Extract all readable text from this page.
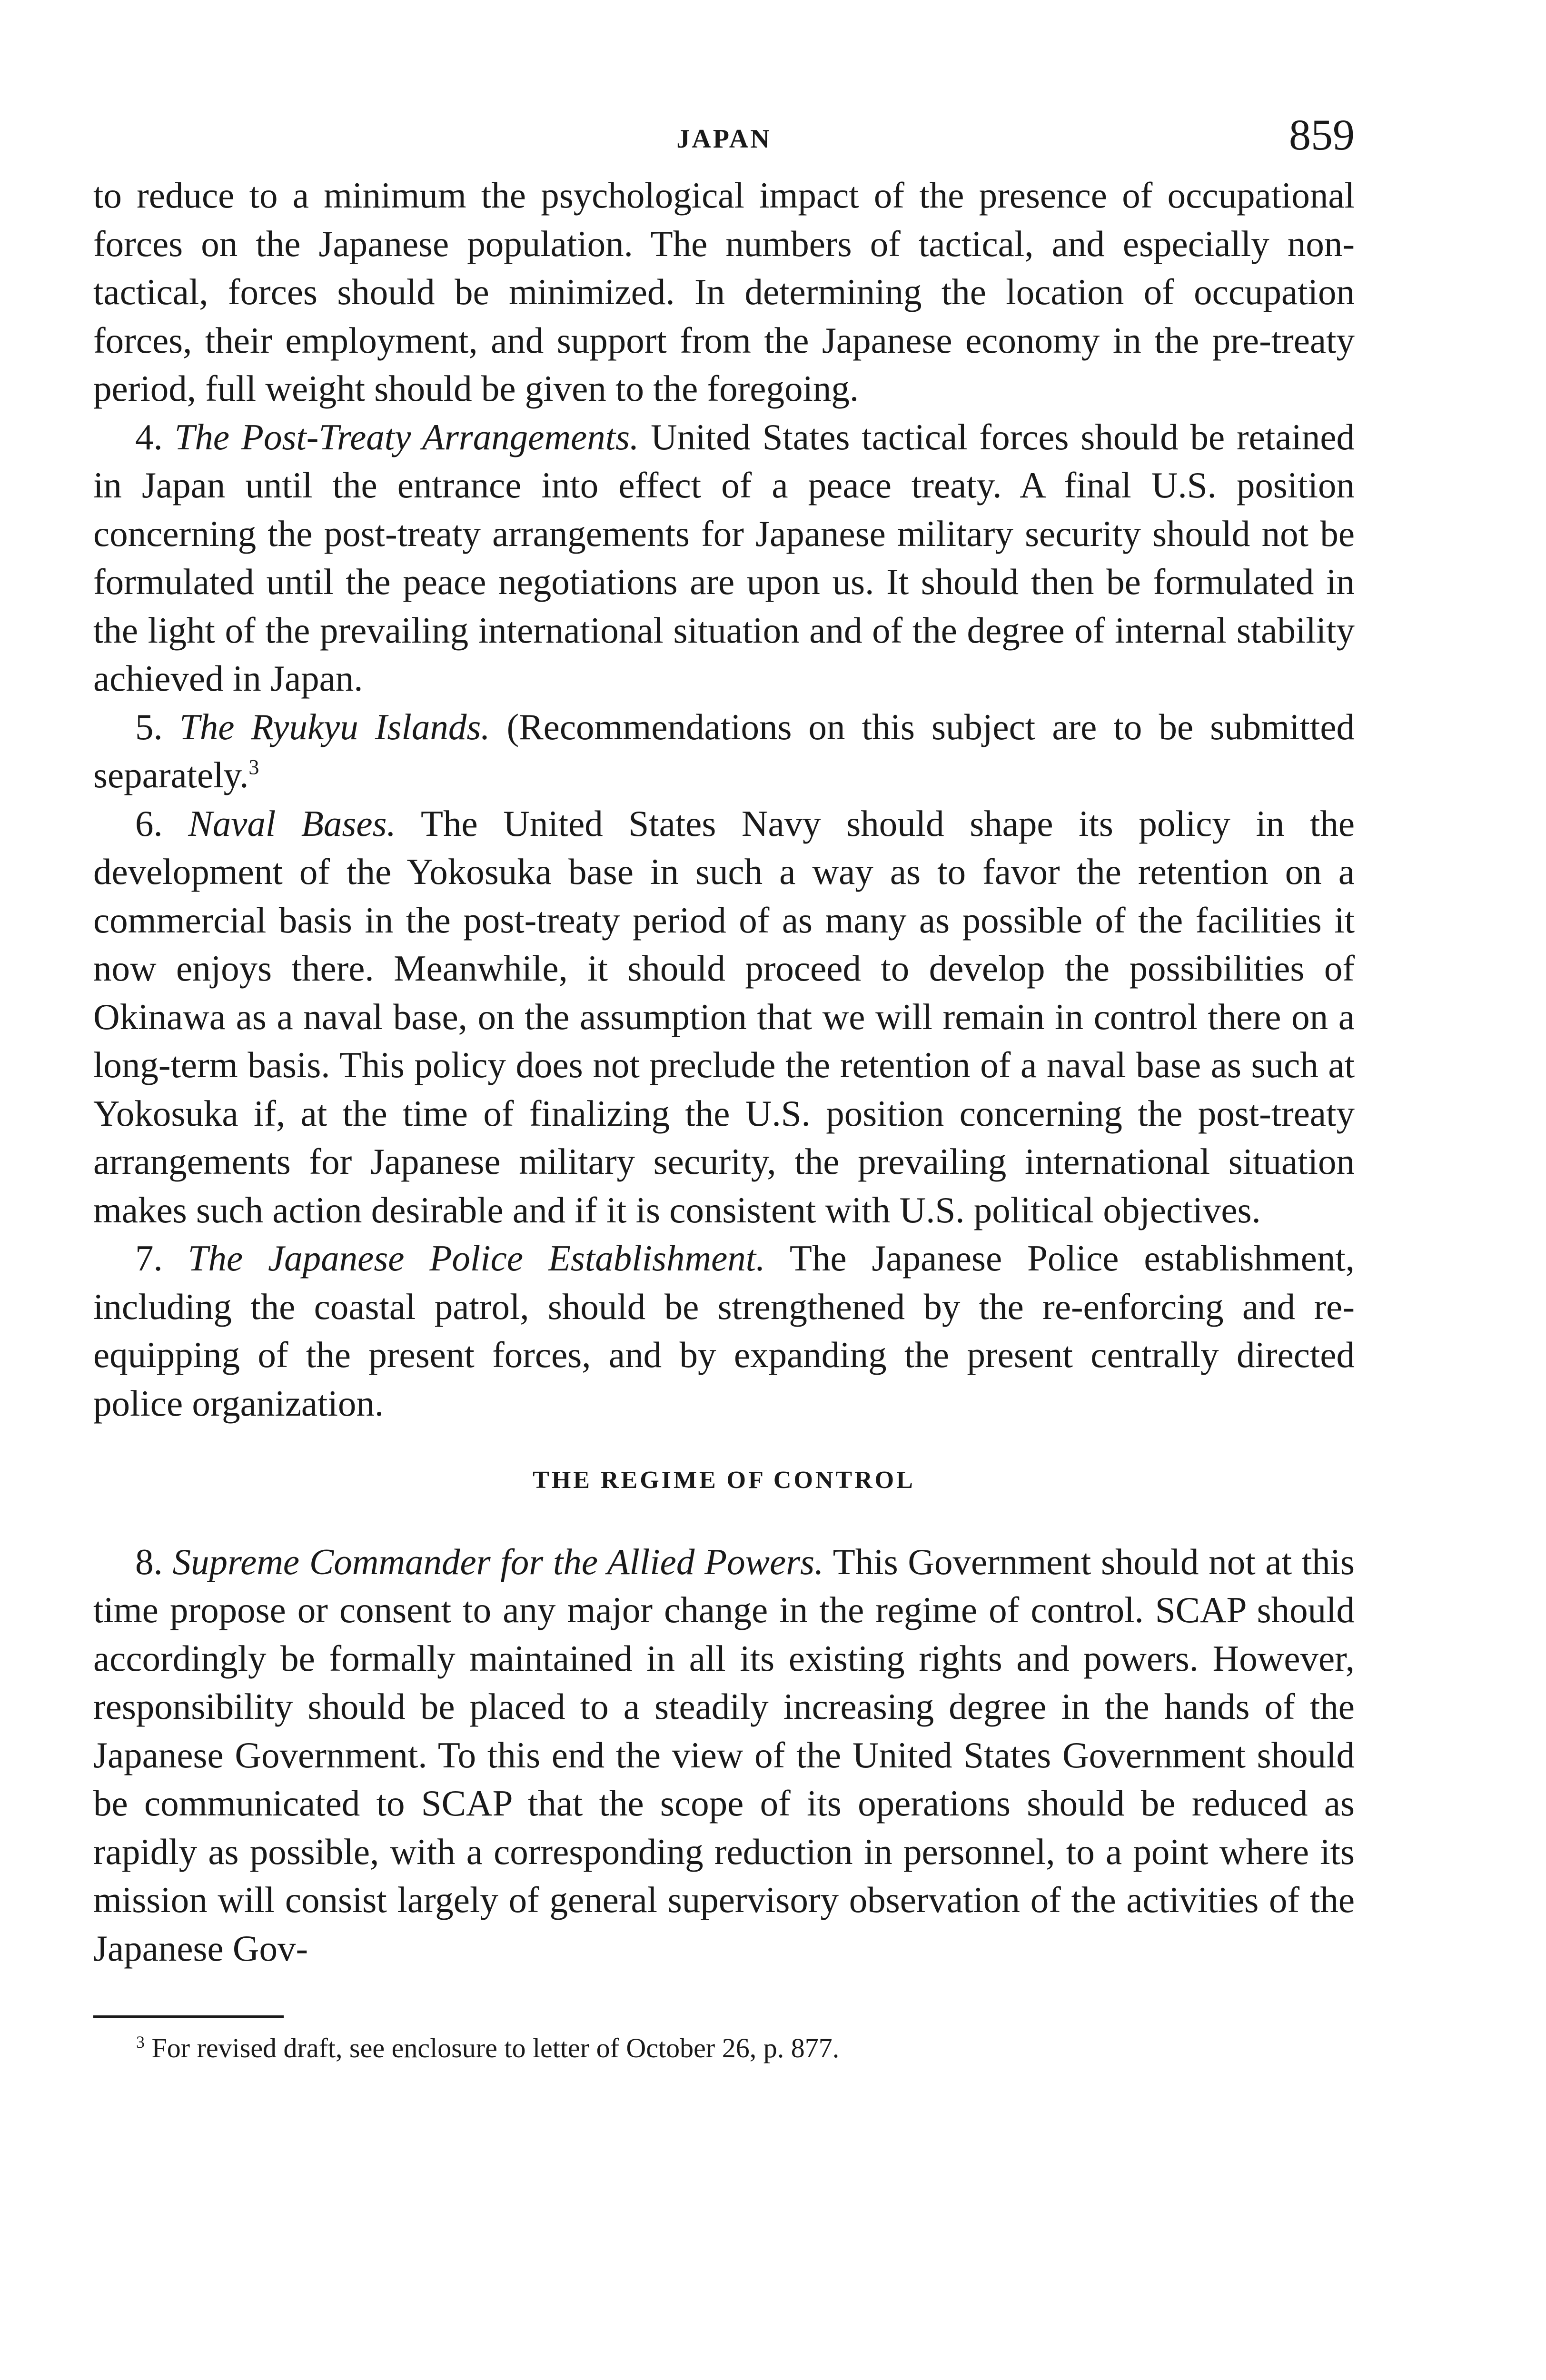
JAPAN	859

to reduce to a minimum the psychological impact of the presence of occupational forces on the Japanese population. The numbers of tactical, and especially non-tactical, forces should be minimized. In determining the location of occupation forces, their employment, and support from the Japanese economy in the pre-treaty period, full weight should be given to the foregoing.

4. The Post-Treaty Arrangements. United States tactical forces should be retained in Japan until the entrance into effect of a peace treaty. A final U.S. position concerning the post-treaty arrangements for Japanese military security should not be formulated until the peace negotiations are upon us. It should then be formulated in the light of the prevailing international situation and of the degree of internal stability achieved in Japan.

5. The Ryukyu Islands. (Recommendations on this subject are to be submitted separately.$^3$

6. Naval Bases. The United States Navy should shape its policy in the development of the Yokosuka base in such a way as to favor the retention on a commercial basis in the post-treaty period of as many as possible of the facilities it now enjoys there. Meanwhile, it should proceed to develop the possibilities of Okinawa as a naval base, on the assumption that we will remain in control there on a long-term basis. This policy does not preclude the retention of a naval base as such at Yokosuka if, at the time of finalizing the U.S. position concerning the post-treaty arrangements for Japanese military security, the prevailing international situation makes such action desirable and if it is consistent with U.S. political objectives.

7. The Japanese Police Establishment. The Japanese Police establishment, including the coastal patrol, should be strengthened by the re-enforcing and re-equipping of the present forces, and by expanding the present centrally directed police organization.

THE REGIME OF CONTROL

8. Supreme Commander for the Allied Powers. This Government should not at this time propose or consent to any major change in the regime of control. SCAP should accordingly be formally maintained in all its existing rights and powers. However, responsibility should be placed to a steadily increasing degree in the hands of the Japanese Government. To this end the view of the United States Government should be communicated to SCAP that the scope of its operations should be reduced as rapidly as possible, with a corresponding reduction in personnel, to a point where its mission will consist largely of general supervisory observation of the activities of the Japanese Gov-

$^3$ For revised draft, see enclosure to letter of October 26, p. 877.
